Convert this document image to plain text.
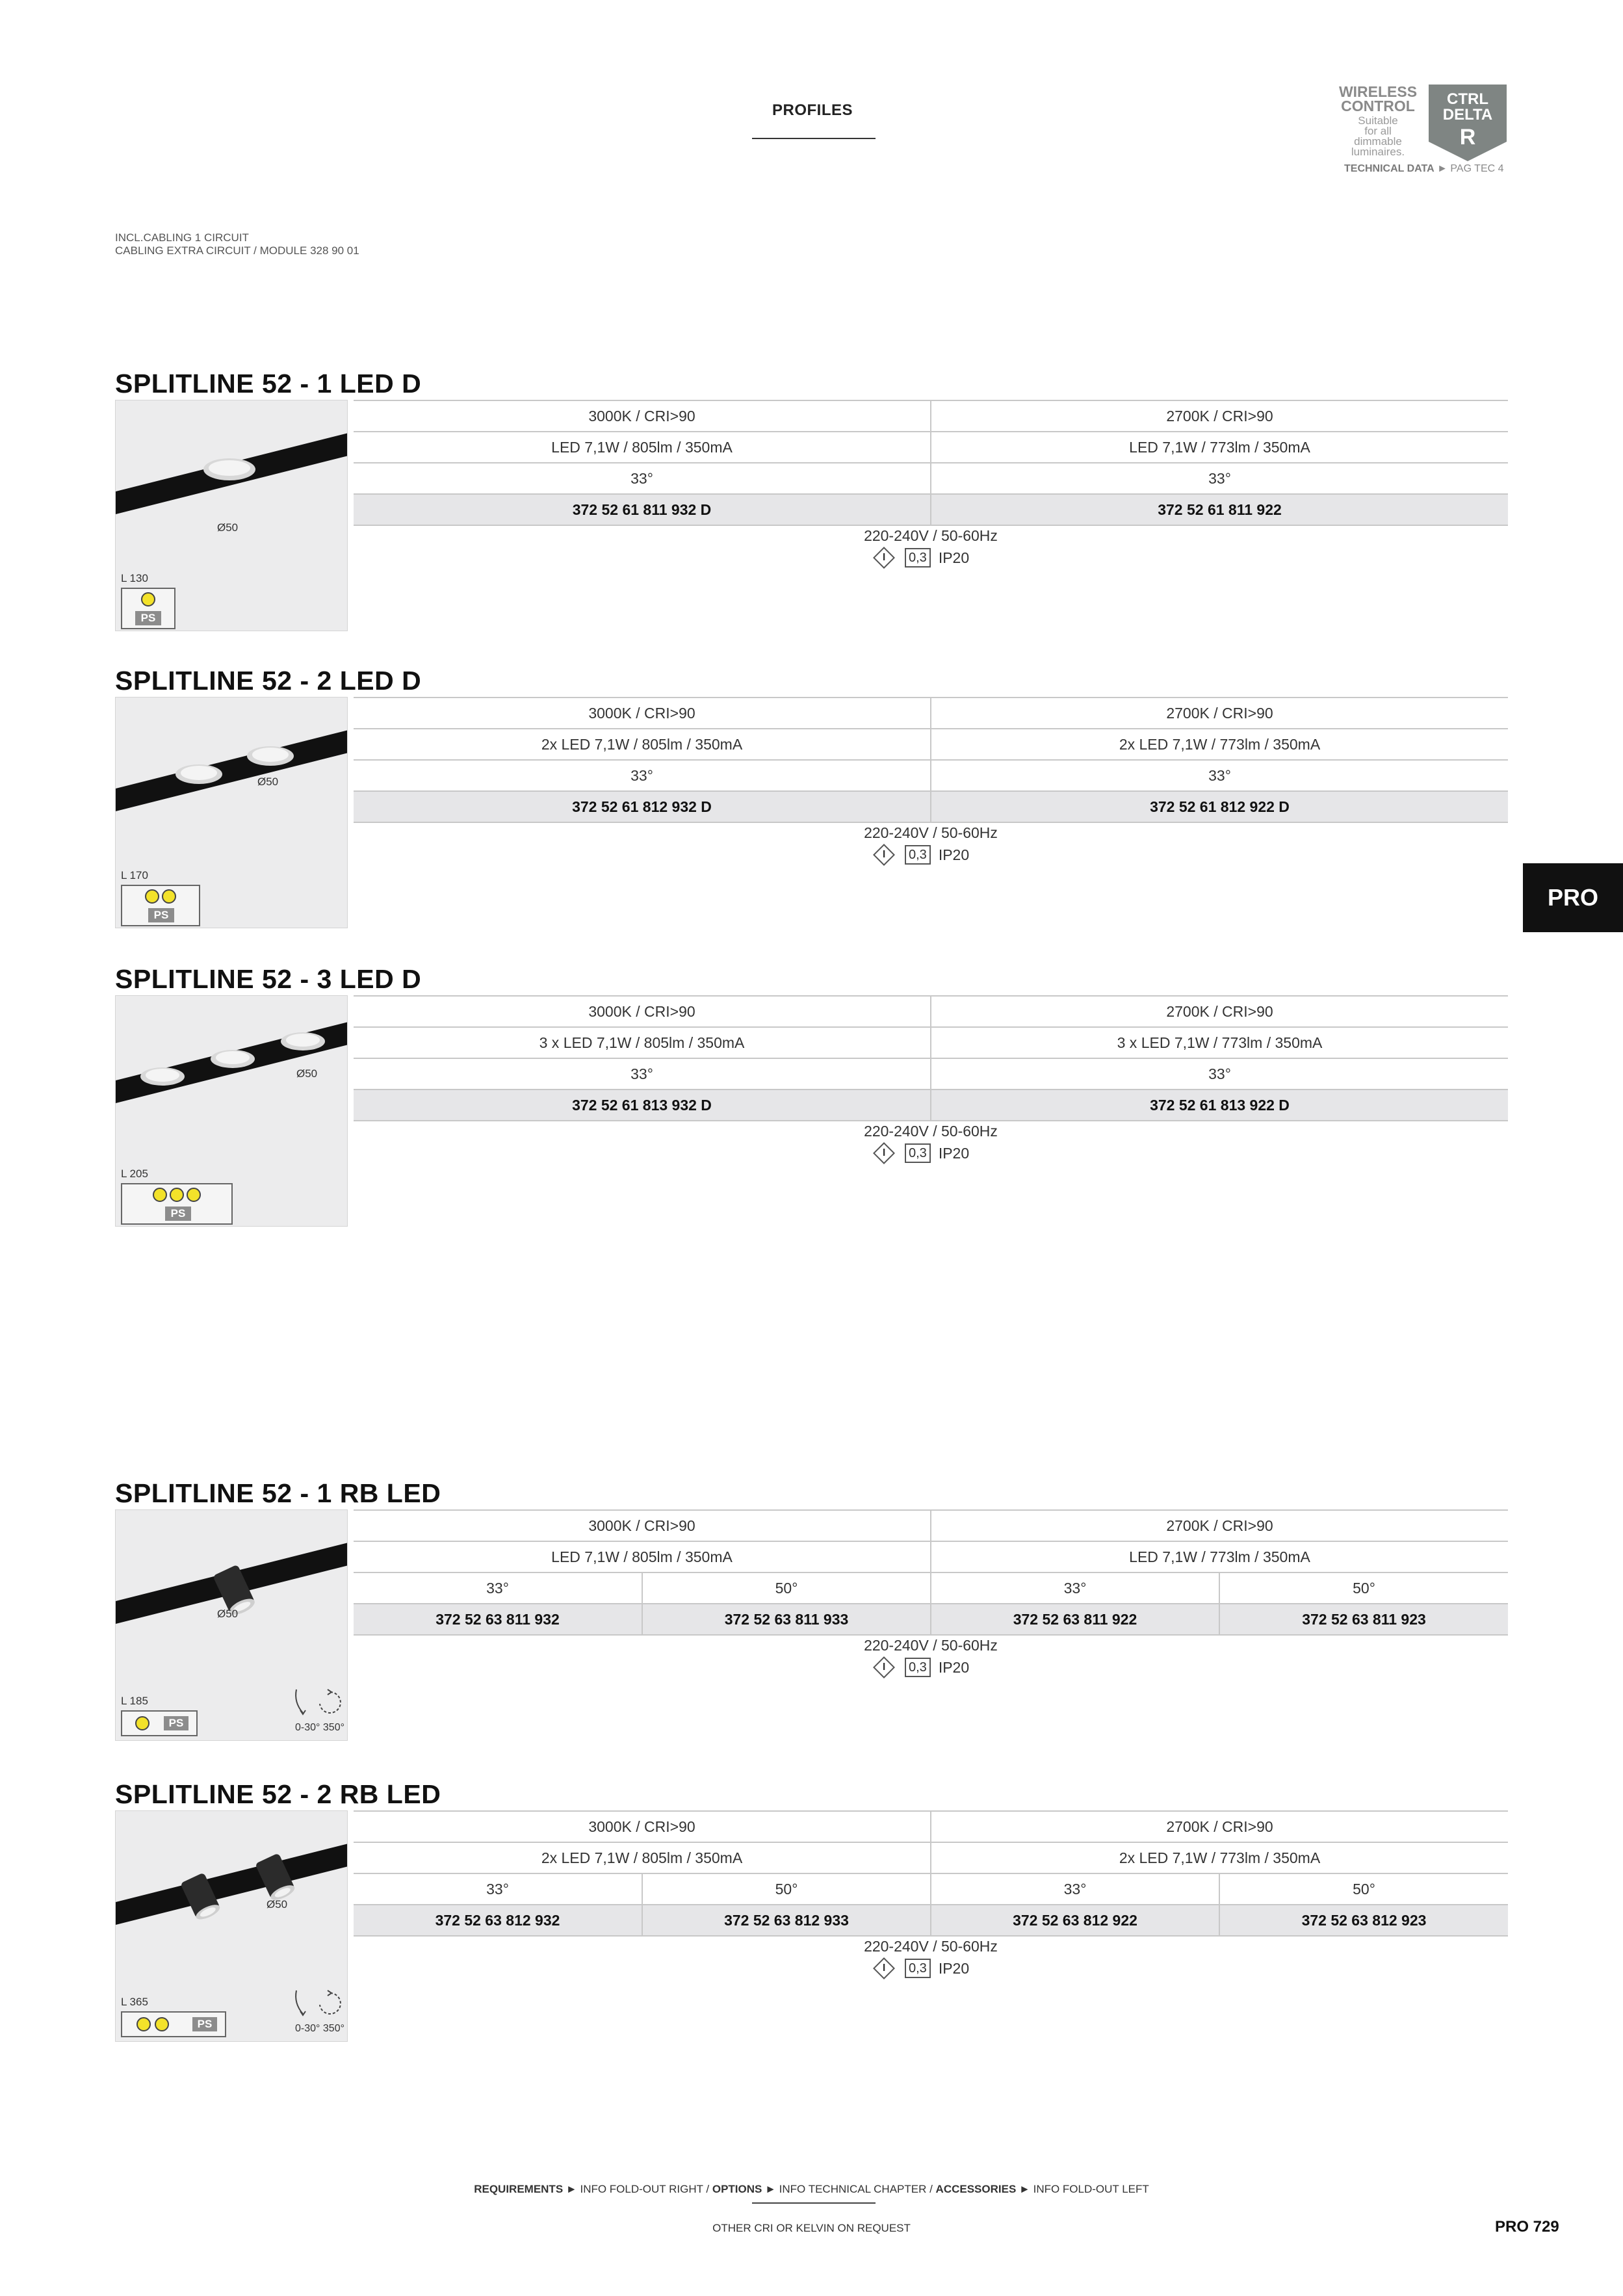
PROFILES
WIRELESS
CONTROL
Suitable
for all
dimmable
luminaires.
CTRL
DELTA
R
TECHNICAL DATA ► PAG TEC 4
INCL.CABLING 1 CIRCUIT
CABLING EXTRA CIRCUIT / MODULE 328 90 01
PRO
SPLITLINE 52 - 1 LED D
Ø50
L 130
PS
3000K / CRI>90	2700K / CRI>90
LED 7,1W / 805lm / 350mA	LED 7,1W / 773lm / 350mA
33°	33°
372 52 61 811 932 D	372 52 61 811 922
220-240V / 50-60Hz
I	0,3 IP20
SPLITLINE 52 - 2 LED D
Ø50
L 170
PS
3000K / CRI>90	2700K / CRI>90
2x LED 7,1W / 805lm / 350mA	2x LED 7,1W / 773lm / 350mA
33°	33°
372 52 61 812 932 D	372 52 61 812 922 D
220-240V / 50-60Hz
I	0,3 IP20
SPLITLINE 52 - 3 LED D
Ø50
L 205
PS
3000K / CRI>90	2700K / CRI>90
3 x LED 7,1W / 805lm / 350mA	3 x LED 7,1W / 773lm / 350mA
33°	33°
372 52 61 813 932 D	372 52 61 813 922 D
220-240V / 50-60Hz
I	0,3 IP20
SPLITLINE 52 - 1 RB LED
Ø50
L 185
PS	0-30° 350°
3000K / CRI>90		2700K / CRI>90	
LED 7,1W / 805lm / 350mA		LED 7,1W / 773lm / 350mA	
33°	50°	33°	50°
372 52 63 811 932	372 52 63 811 933	372 52 63 811 922	372 52 63 811 923
220-240V / 50-60Hz
I	0,3 IP20
SPLITLINE 52 - 2 RB LED
Ø50
L 365
PS	0-30° 350°
3000K / CRI>90		2700K / CRI>90	
2x LED 7,1W / 805lm / 350mA		2x LED 7,1W / 773lm / 350mA	
33°	50°	33°	50°
372 52 63 812 932	372 52 63 812 933	372 52 63 812 922	372 52 63 812 923
220-240V / 50-60Hz
I	0,3 IP20
REQUIREMENTS ► INFO FOLD-OUT RIGHT / OPTIONS ► INFO TECHNICAL CHAPTER / ACCESSORIES ► INFO FOLD-OUT LEFT
OTHER CRI OR KELVIN ON REQUEST	PRO 729
